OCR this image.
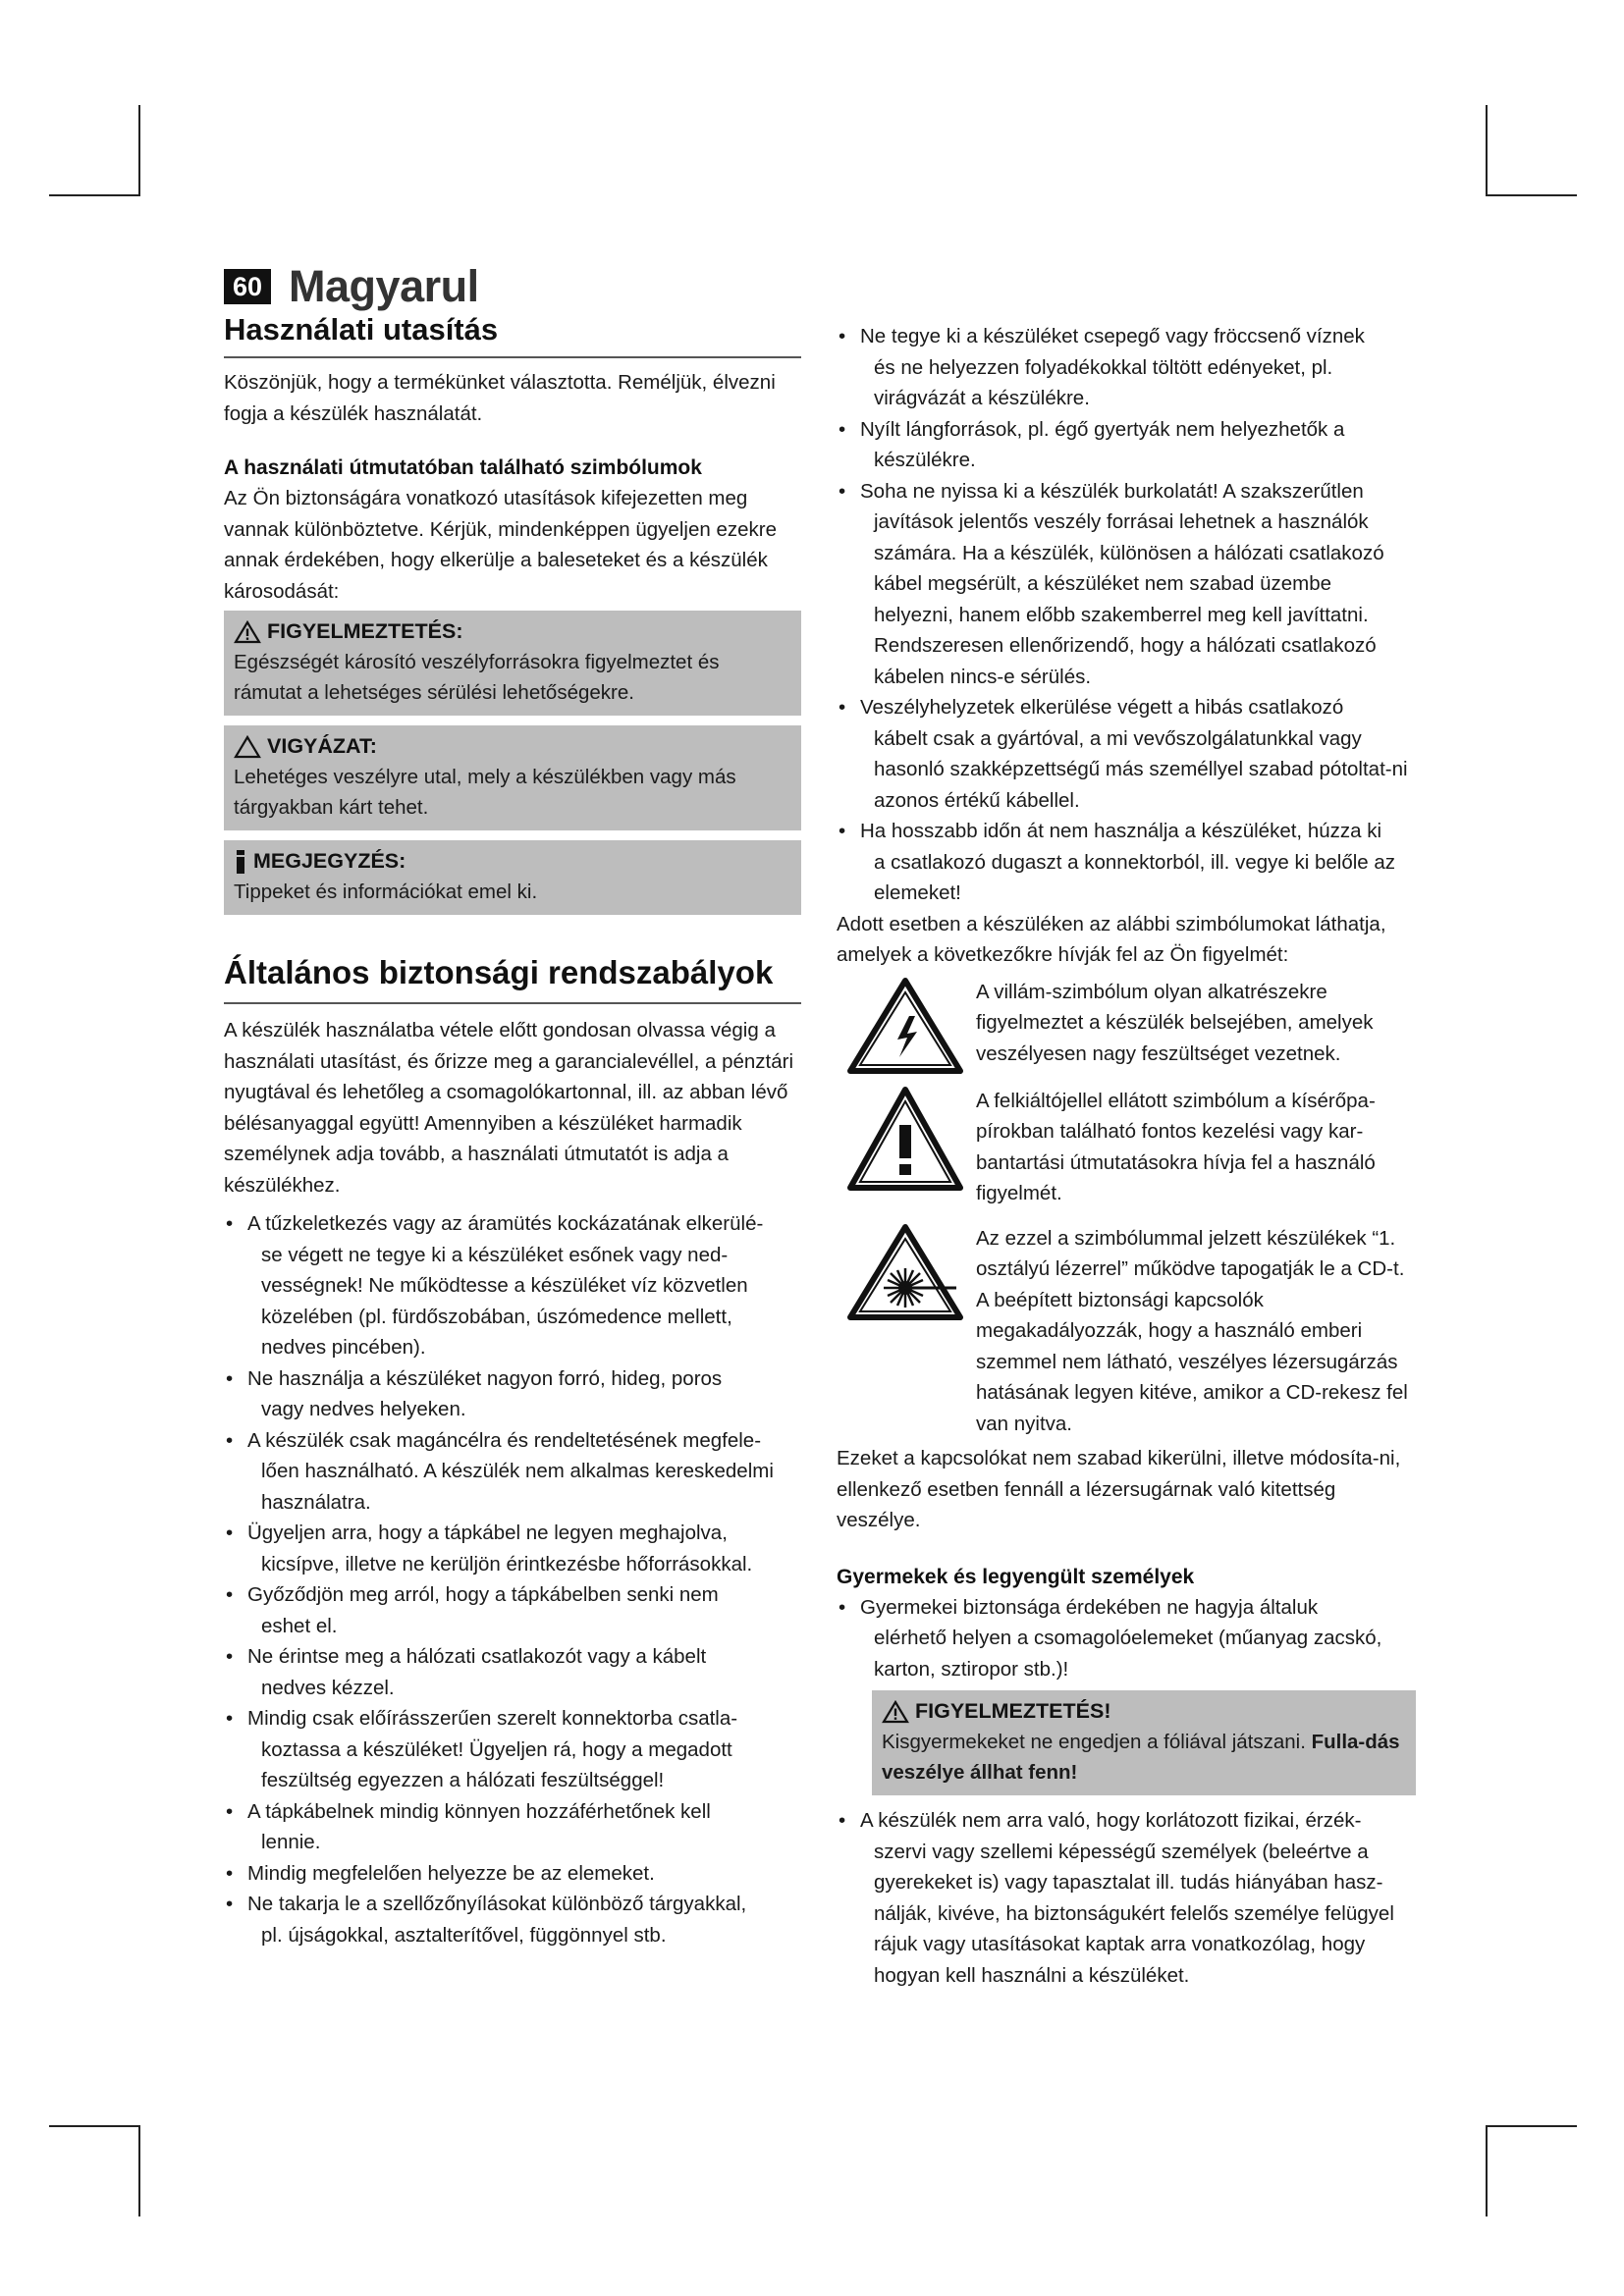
60 Magyarul
Használati utasítás

Köszönjük, hogy a termékünket választotta. Reméljük, élvezni fogja a készülék használatát.

A használati útmutatóban található szimbólumok

Az Ön biztonságára vonatkozó utasítások kifejezetten meg vannak különböztetve. Kérjük, mindenképpen ügyeljen ezekre annak érdekében, hogy elkerülje a baleseteket és a készülék károsodását:

FIGYELMEZTETÉS:
Egészségét károsító veszélyforrásokra figyelmeztet és rámutat a lehetséges sérülési lehetőségekre.
VIGYÁZAT:
Lehetéges veszélyre utal, mely a készülékben vagy más tárgyakban kárt tehet.
MEGJEGYZÉS:
Tippeket és információkat emel ki.
Általános biztonsági rendszabályok

A készülék használatba vétele előtt gondosan olvassa végig a használati utasítást, és őrizze meg a garancialevéllel, a pénztári nyugtával és lehetőleg a csomagolókartonnal, ill. az abban lévő bélésanyaggal együtt! Amennyiben a készüléket harmadik személynek adja tovább, a használati útmutatót is adja a készülékhez.

• A tűzkeletkezés vagy az áramütés kockázatának elkerülé-
se végett ne tegye ki a készüléket esőnek vagy ned-vességnek! Ne működtesse a készüléket víz közvetlen közelében (pl. fürdőszobában, úszómedence mellett, nedves pincében).
• Ne használja a készüléket nagyon forró, hideg, poros
vagy nedves helyeken.
• A készülék csak magáncélra és rendeltetésének megfele-
lően használható. A készülék nem alkalmas kereskedelmi használatra.
• Ügyeljen arra, hogy a tápkábel ne legyen meghajolva,
kicsípve, illetve ne kerüljön érintkezésbe hőforrásokkal.
• Győződjön meg arról, hogy a tápkábelben senki nem
eshet el.
• Ne érintse meg a hálózati csatlakozót vagy a kábelt
nedves kézzel.
• Mindig csak előírásszerűen szerelt konnektorba csatla-
koztassa a készüléket! Ügyeljen rá, hogy a megadott feszültség egyezzen a hálózati feszültséggel!
• A tápkábelnek mindig könnyen hozzáférhetőnek kell
lennie.
• Mindig megfelelően helyezze be az elemeket.
• Ne takarja le a szellőzőnyílásokat különböző tárgyakkal,
pl. újságokkal, asztalterítővel, függönnyel stb.
• Ne tegye ki a készüléket csepegő vagy fröccsenő víznek
és ne helyezzen folyadékokkal töltött edényeket, pl. virágvázát a készülékre.
• Nyílt lángforrások, pl. égő gyertyák nem helyezhetők a
készülékre.
• Soha ne nyissa ki a készülék burkolatát! A szakszerűtlen
javítások jelentős veszély forrásai lehetnek a használók számára. Ha a készülék, különösen a hálózati csatlakozó kábel megsérült, a készüléket nem szabad üzembe helyezni, hanem előbb szakemberrel meg kell javíttatni. Rendszeresen ellenőrizendő, hogy a hálózati csatlakozó kábelen nincs-e sérülés.
• Veszélyhelyzetek elkerülése végett a hibás csatlakozó
kábelt csak a gyártóval, a mi vevőszolgálatunkkal vagy hasonló szakképzettségű más személlyel szabad pótoltat-ni azonos értékű kábellel.
• Ha hosszabb időn át nem használja a készüléket, húzza ki
a csatlakozó dugaszt a konnektorból, ill. vegye ki belőle az elemeket!

Adott esetben a készüléken az alábbi szimbólumokat láthatja, amelyek a következőkre hívják fel az Ön figyelmét:

A villám-szimbólum olyan alkatrészekre figyelmeztet a készülék belsejében, amelyek veszélyesen nagy feszültséget vezetnek.
A felkiáltójellel ellátott szimbólum a kísérőpa-pírokban található fontos kezelési vagy kar-bantartási útmutatásokra hívja fel a használó figyelmét.
Az ezzel a szimbólummal jelzett készülékek “1. osztályú lézerrel” működve tapogatják le a CD-t. A beépített biztonsági kapcsolók megakadályozzák, hogy a használó emberi szemmel nem látható, veszélyes lézersugárzás hatásának legyen kitéve, amikor a CD-rekesz fel van nyitva.

Ezeket a kapcsolókat nem szabad kikerülni, illetve módosíta-ni, ellenkező esetben fennáll a lézersugárnak való kitettség veszélye.

Gyermekek és legyengült személyek
• Gyermekei biztonsága érdekében ne hagyja általuk
elérhető helyen a csomagolóelemeket (műanyag zacskó, karton, sztiropor stb.)!
FIGYELMEZTETÉS!
Kisgyermekeket ne engedjen a fóliával játszani. Fulla-dás veszélye állhat fenn!
• A készülék nem arra való, hogy korlátozott fizikai, érzék-
szervi vagy szellemi képességű személyek (beleértve a gyerekeket is) vagy tapasztalat ill. tudás hiányában hasz-nálják, kivéve, ha biztonságukért felelős személye felügyel rájuk vagy utasításokat kaptak arra vonatkozólag, hogy hogyan kell használni a készüléket.
